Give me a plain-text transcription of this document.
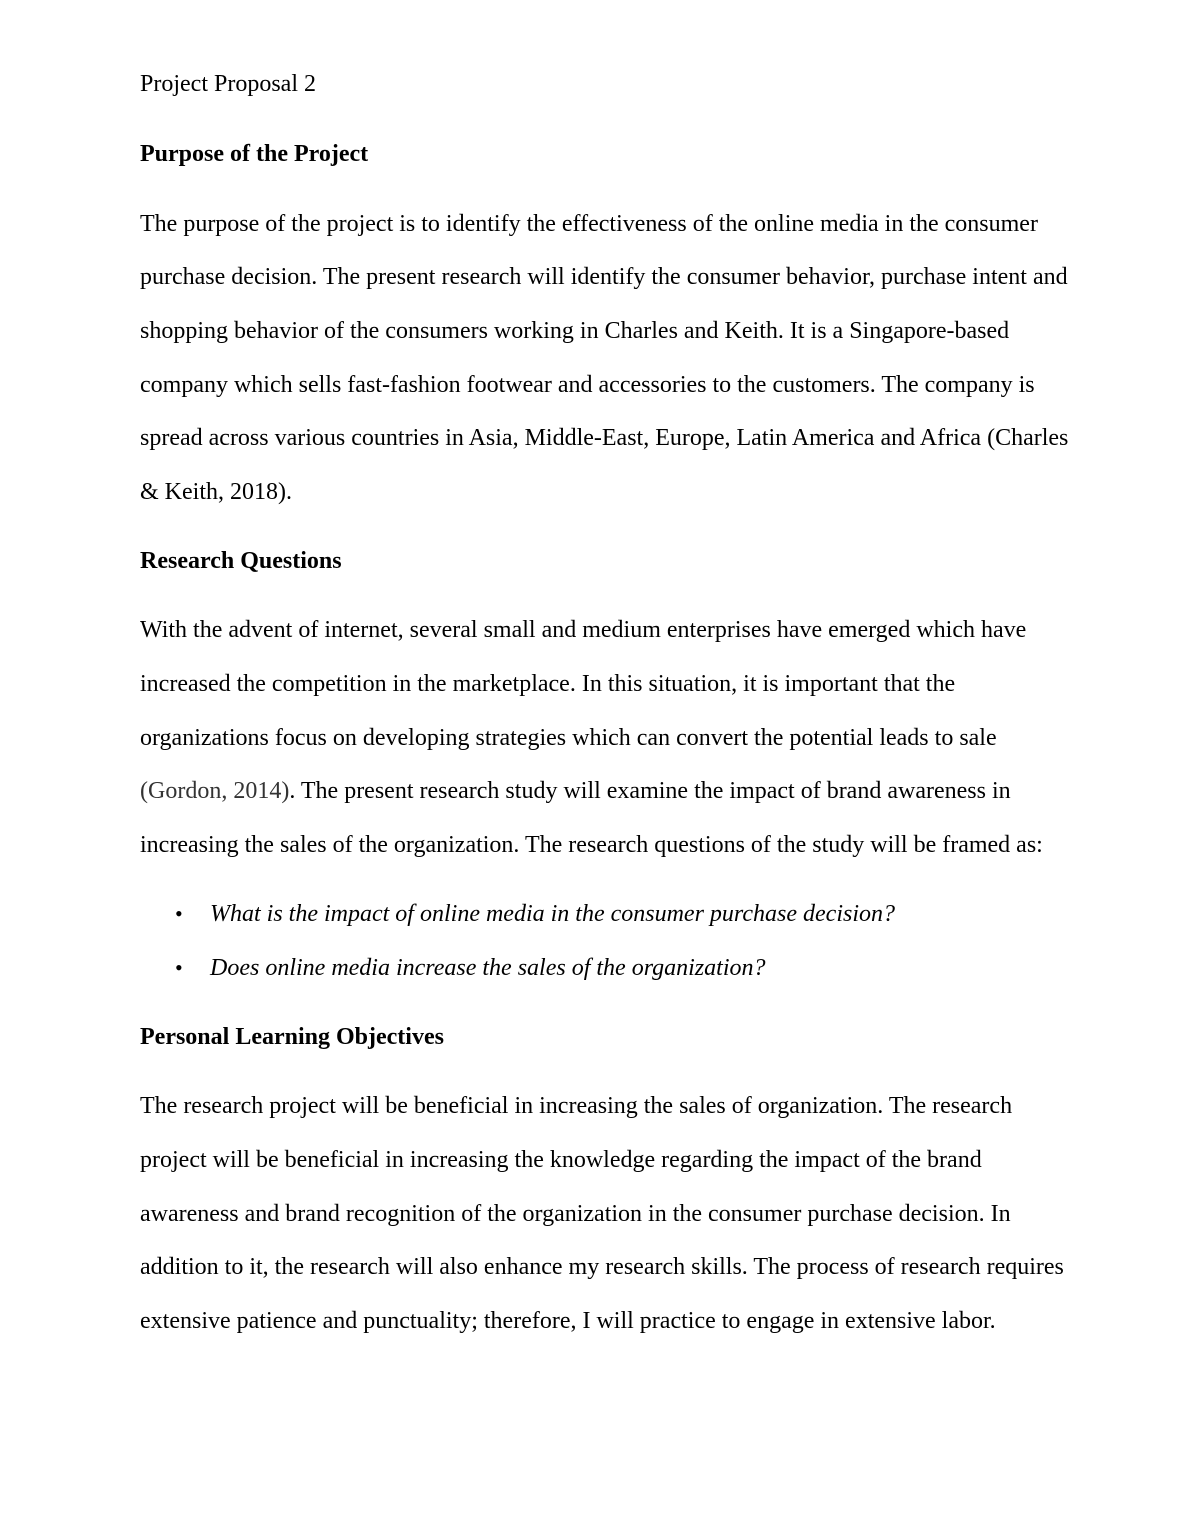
Project Proposal 2
Purpose of the Project
The purpose of the project is to identify the effectiveness of the online media in the consumer
purchase decision. The present research will identify the consumer behavior, purchase intent and
shopping behavior of the consumers working in Charles and Keith. It is a Singapore-based
company which sells fast-fashion footwear and accessories to the customers. The company is
spread across various countries in Asia, Middle-East, Europe, Latin America and Africa (Charles
& Keith, 2018).
Research Questions
With the advent of internet, several small and medium enterprises have emerged which have
increased the competition in the marketplace. In this situation, it is important that the
organizations focus on developing strategies which can convert the potential leads to sale
(Gordon, 2014). The present research study will examine the impact of brand awareness in
increasing the sales of the organization. The research questions of the study will be framed as:
• What is the impact of online media in the consumer purchase decision?
• Does online media increase the sales of the organization?
Personal Learning Objectives
The research project will be beneficial in increasing the sales of organization. The research
project will be beneficial in increasing the knowledge regarding the impact of the brand
awareness and brand recognition of the organization in the consumer purchase decision. In
addition to it, the research will also enhance my research skills. The process of research requires
extensive patience and punctuality; therefore, I will practice to engage in extensive labor.
